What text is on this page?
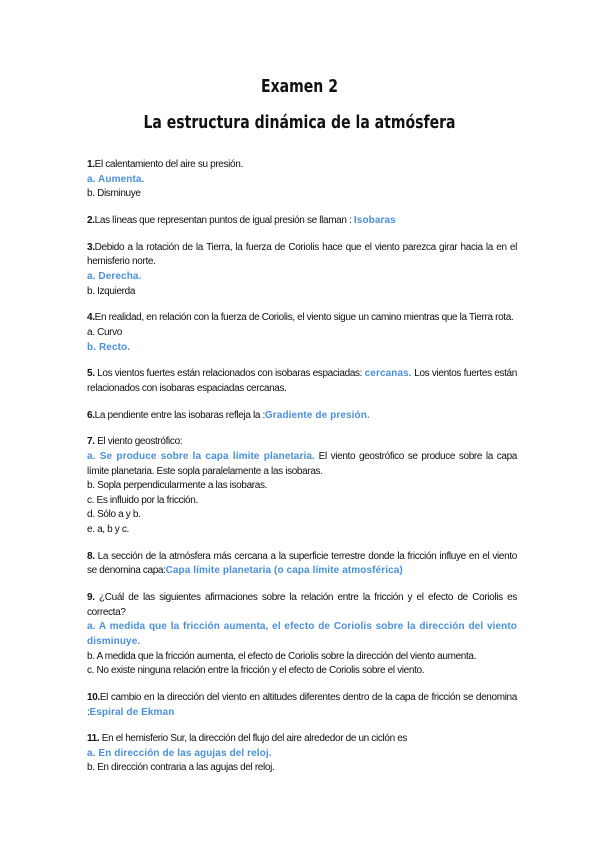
Examen 2
La estructura dinámica de la atmósfera
1.El calentamiento del aire su presión.
a. Aumenta.
b. Disminuye
2.Las líneas que representan puntos de igual presión se llaman : Isobaras
3.Debido a la rotación de la Tierra, la fuerza de Coriolis hace que el viento parezca girar hacia la en el hemisferio norte.
a. Derecha.
b. Izquierda
4.En realidad, en relación con la fuerza de Coriolis, el viento sigue un camino mientras que la Tierra rota.
a. Curvo
b. Recto.
5. Los vientos fuertes están relacionados con isobaras espaciadas: cercanas. Los vientos fuertes están relacionados con isobaras espaciadas cercanas.
6.La pendiente entre las isobaras refleja la :Gradiente de presión.
7. El viento geostrófico:
a. Se produce sobre la capa límite planetaria. El viento geostrófico se produce sobre la capa límite planetaria. Este sopla paralelamente a las isobaras.
b. Sopla perpendicularmente a las isobaras.
c. Es influido por la fricción.
d. Sólo a y b.
e. a, b y c.
8. La sección de la atmósfera más cercana a la superficie terrestre donde la fricción influye en el viento se denomina capa:Capa límite planetaria (o capa límite atmosférica)
9. ¿Cuál de las siguientes afirmaciones sobre la relación entre la fricción y el efecto de Coriolis es correcta?
a. A medida que la fricción aumenta, el efecto de Coriolis sobre la dirección del viento disminuye.
b. A medida que la fricción aumenta, el efecto de Coriolis sobre la dirección del viento aumenta.
c. No existe ninguna relación entre la fricción y el efecto de Coriolis sobre el viento.
10.El cambio en la dirección del viento en altitudes diferentes dentro de la capa de fricción se denomina :Espiral de Ekman
11. En el hemisferio Sur, la dirección del flujo del aire alrededor de un ciclón es
a. En dirección de las agujas del reloj.
b. En dirección contraria a las agujas del reloj.
